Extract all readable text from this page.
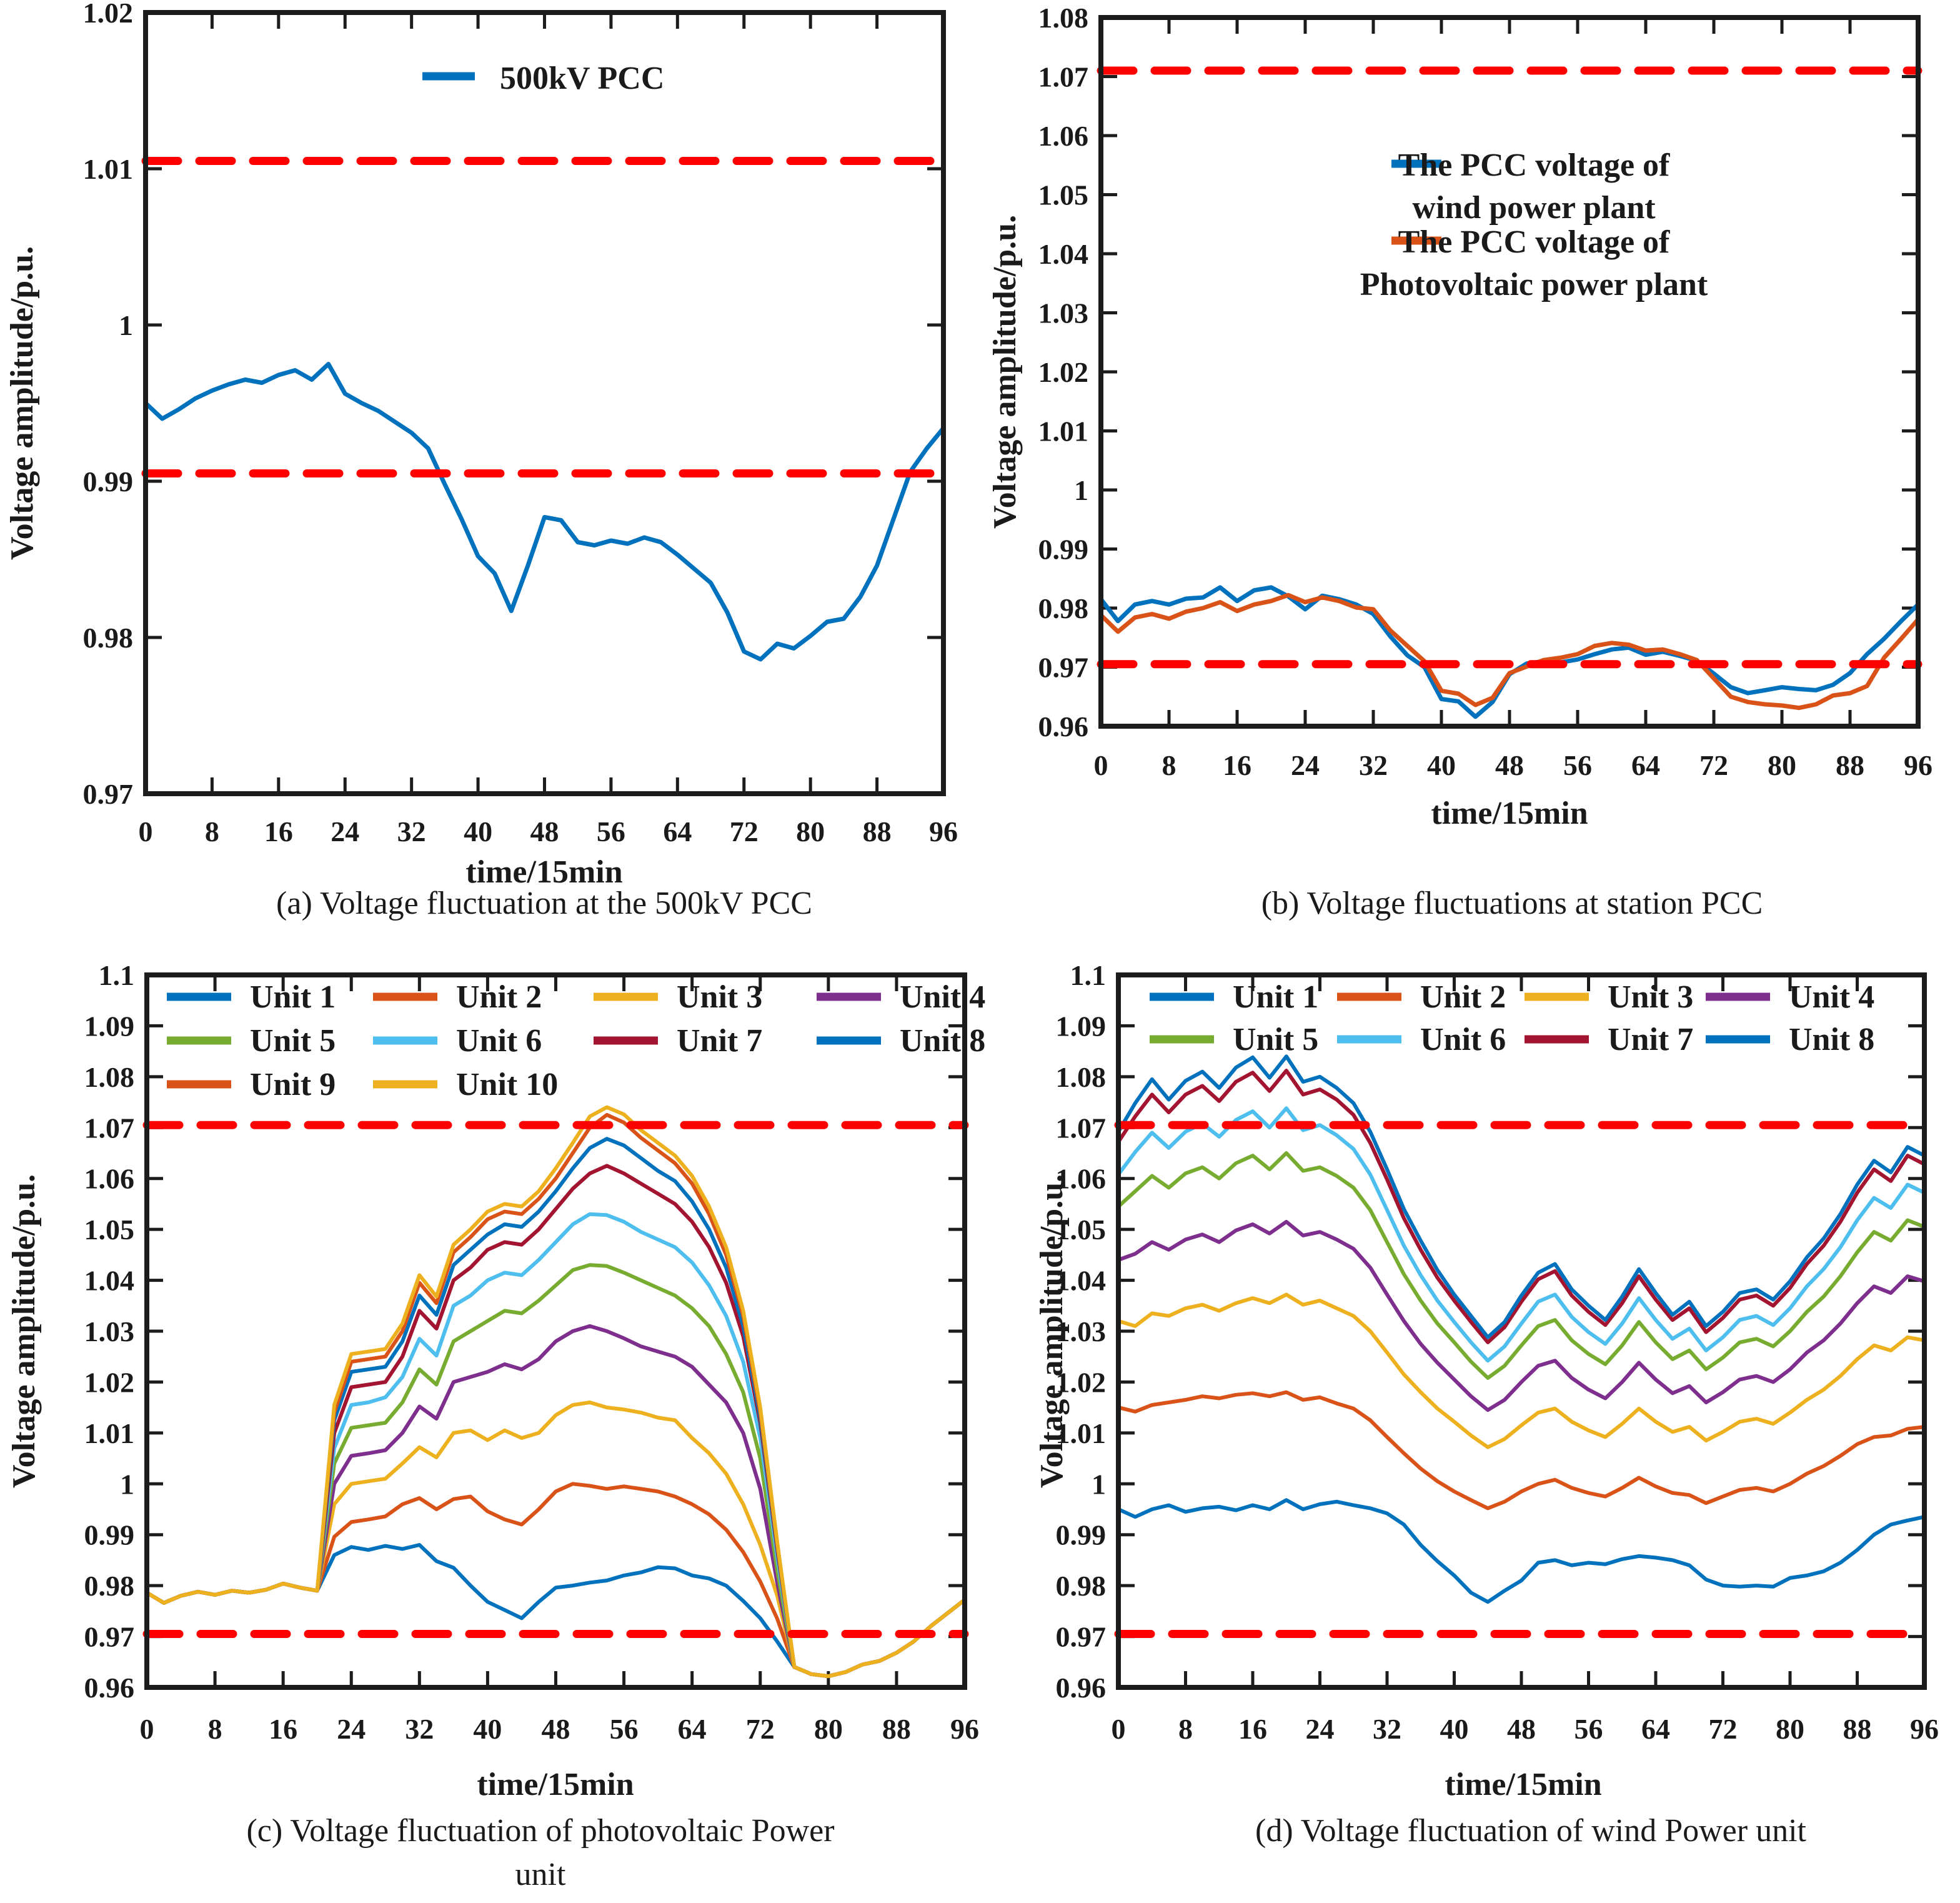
0 8 16 24 32 40 48 56 64 72 80 88 96
1.02
1.01
1
0.99
0.98
0.97
500kV PCC
Voltage amplitude/p.u.
time/15min
(a) Voltage fluctuation at the 500kV PCC
0 8 16 24 32 40 48 56 64 72 80 88 96
1.08
1.07
1.06
1.05
1.04
1.03
1.02
1.01
1
0.99
0.98
0.97
0.96
The PCC voltage of
wind power plant
The PCC voltage of
Photovoltaic power plant
Voltage amplitude/p.u.
time/15min
(b) Voltage fluctuations at station PCC
0 8 16 24 32 40 48 56 64 72 80 88 96
1.1
1.09
1.08
1.07
1.06
1.05
1.04
1.03
1.02
1.01
1
0.99
0.98
0.97
0.96
Unit 1	Unit 2	Unit 3	Unit 4
Unit 5	Unit 6	Unit 7	Unit 8
Unit 9	Unit 10
Voltage amplitude/p.u.
time/15min
(c) Voltage fluctuation of photovoltaic Power
unit
0 8 16 24 32 40 48 56 64 72 80 88 96
1.1
1.09
1.08
1.07
1.06
1.05
1.04
1.03
1.02
1.01
1
0.99
0.98
0.97
0.96
Unit 1	Unit 2	Unit 3	Unit 4
Unit 5	Unit 6	Unit 7	Unit 8
Voltage amplitude/p.u.
time/15min
(d) Voltage fluctuation of wind Power unit
